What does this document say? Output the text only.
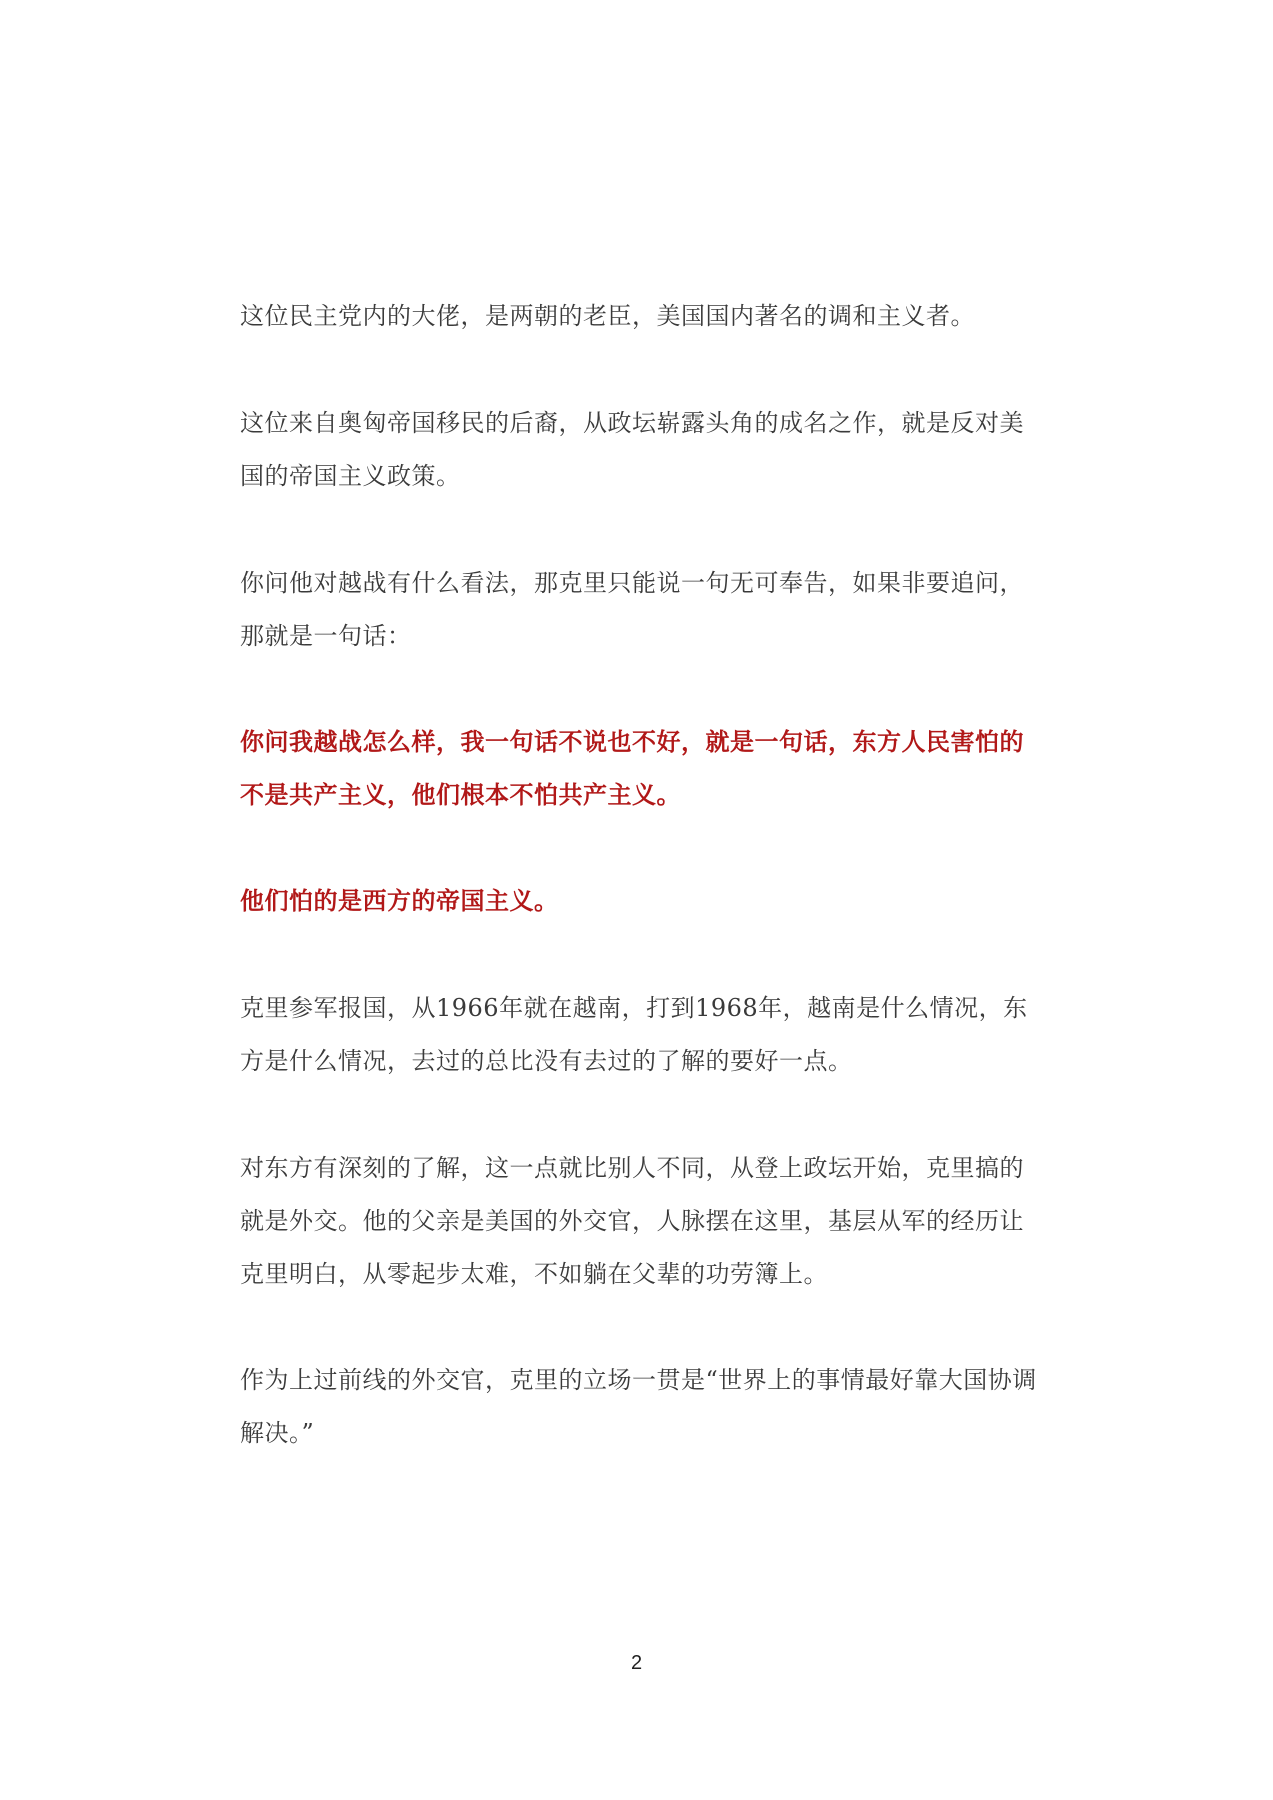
这位民主党内的大佬，是两朝的老臣，美国国内著名的调和主义者。

这位来自奥匈帝国移民的后裔，从政坛崭露头角的成名之作，就是反对美国的帝国主义政策。

你问他对越战有什么看法，那克里只能说一句无可奉告，如果非要追问，那就是一句话：

你问我越战怎么样，我一句话不说也不好，就是一句话，东方人民害怕的不是共产主义，他们根本不怕共产主义。

他们怕的是西方的帝国主义。

克里参军报国，从1966年就在越南，打到1968年，越南是什么情况，东方是什么情况，去过的总比没有去过的了解的要好一点。

对东方有深刻的了解，这一点就比别人不同，从登上政坛开始，克里搞的就是外交。他的父亲是美国的外交官，人脉摆在这里，基层从军的经历让克里明白，从零起步太难，不如躺在父辈的功劳簿上。

作为上过前线的外交官，克里的立场一贯是“世界上的事情最好靠大国协调解决。”

2
